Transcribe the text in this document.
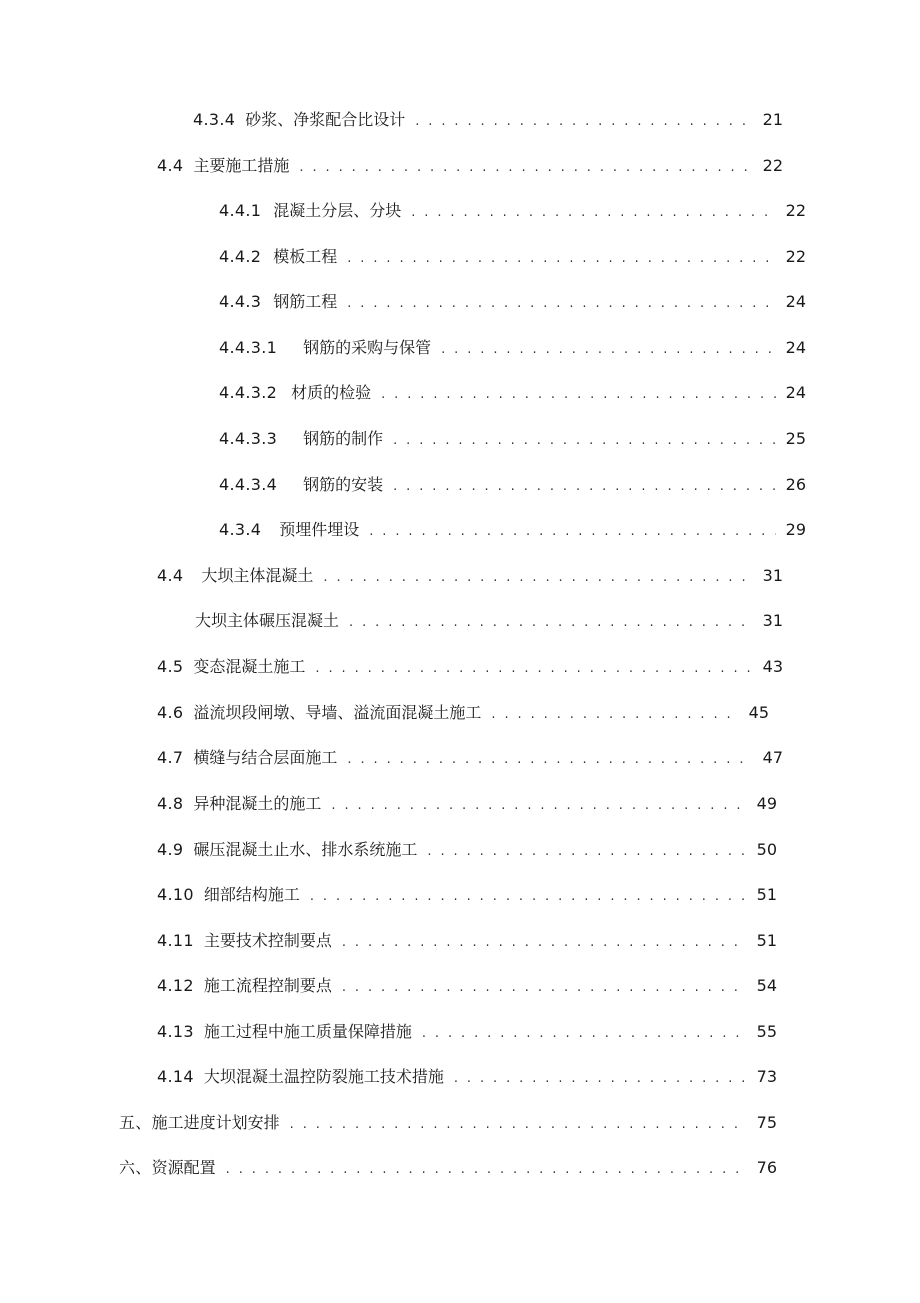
4.3.4 砂浆、净浆配合比设计 . . .	21
4.4 主要施工措施 . . .	22
4.4.1 混凝土分层、分块 . . .	22
4.4.2 模板工程 . . .	22
4.4.3 钢筋工程 . . .	24
4.4.3.1 钢筋的采购与保管 . . .	24
4.4.3.2 材质的检验 . . .	24
4.4.3.3 钢筋的制作 . . .	25
4.4.3.4 钢筋的安装 . . .	26
4.3.4 预埋件埋设 . . .	29
4.4 大坝主体混凝土 . . .	31
大坝主体碾压混凝土 . . .	31
4.5 变态混凝土施工 . . .	43
4.6 溢流坝段闸墩、导墙、溢流面混凝土施工 . . .	45
4.7 横缝与结合层面施工 . . .	47
4.8 异种混凝土的施工 . . .	49
4.9 碾压混凝土止水、排水系统施工 . . .	50
4.10 细部结构施工 . . .	51
4.11 主要技术控制要点 . . .	51
4.12 施工流程控制要点 . . .	54
4.13 施工过程中施工质量保障措施 . . .	55
4.14 大坝混凝土温控防裂施工技术措施 . . .	73
五、 施工进度计划安排 . . .	75
六、 资源配置 . . .	76
